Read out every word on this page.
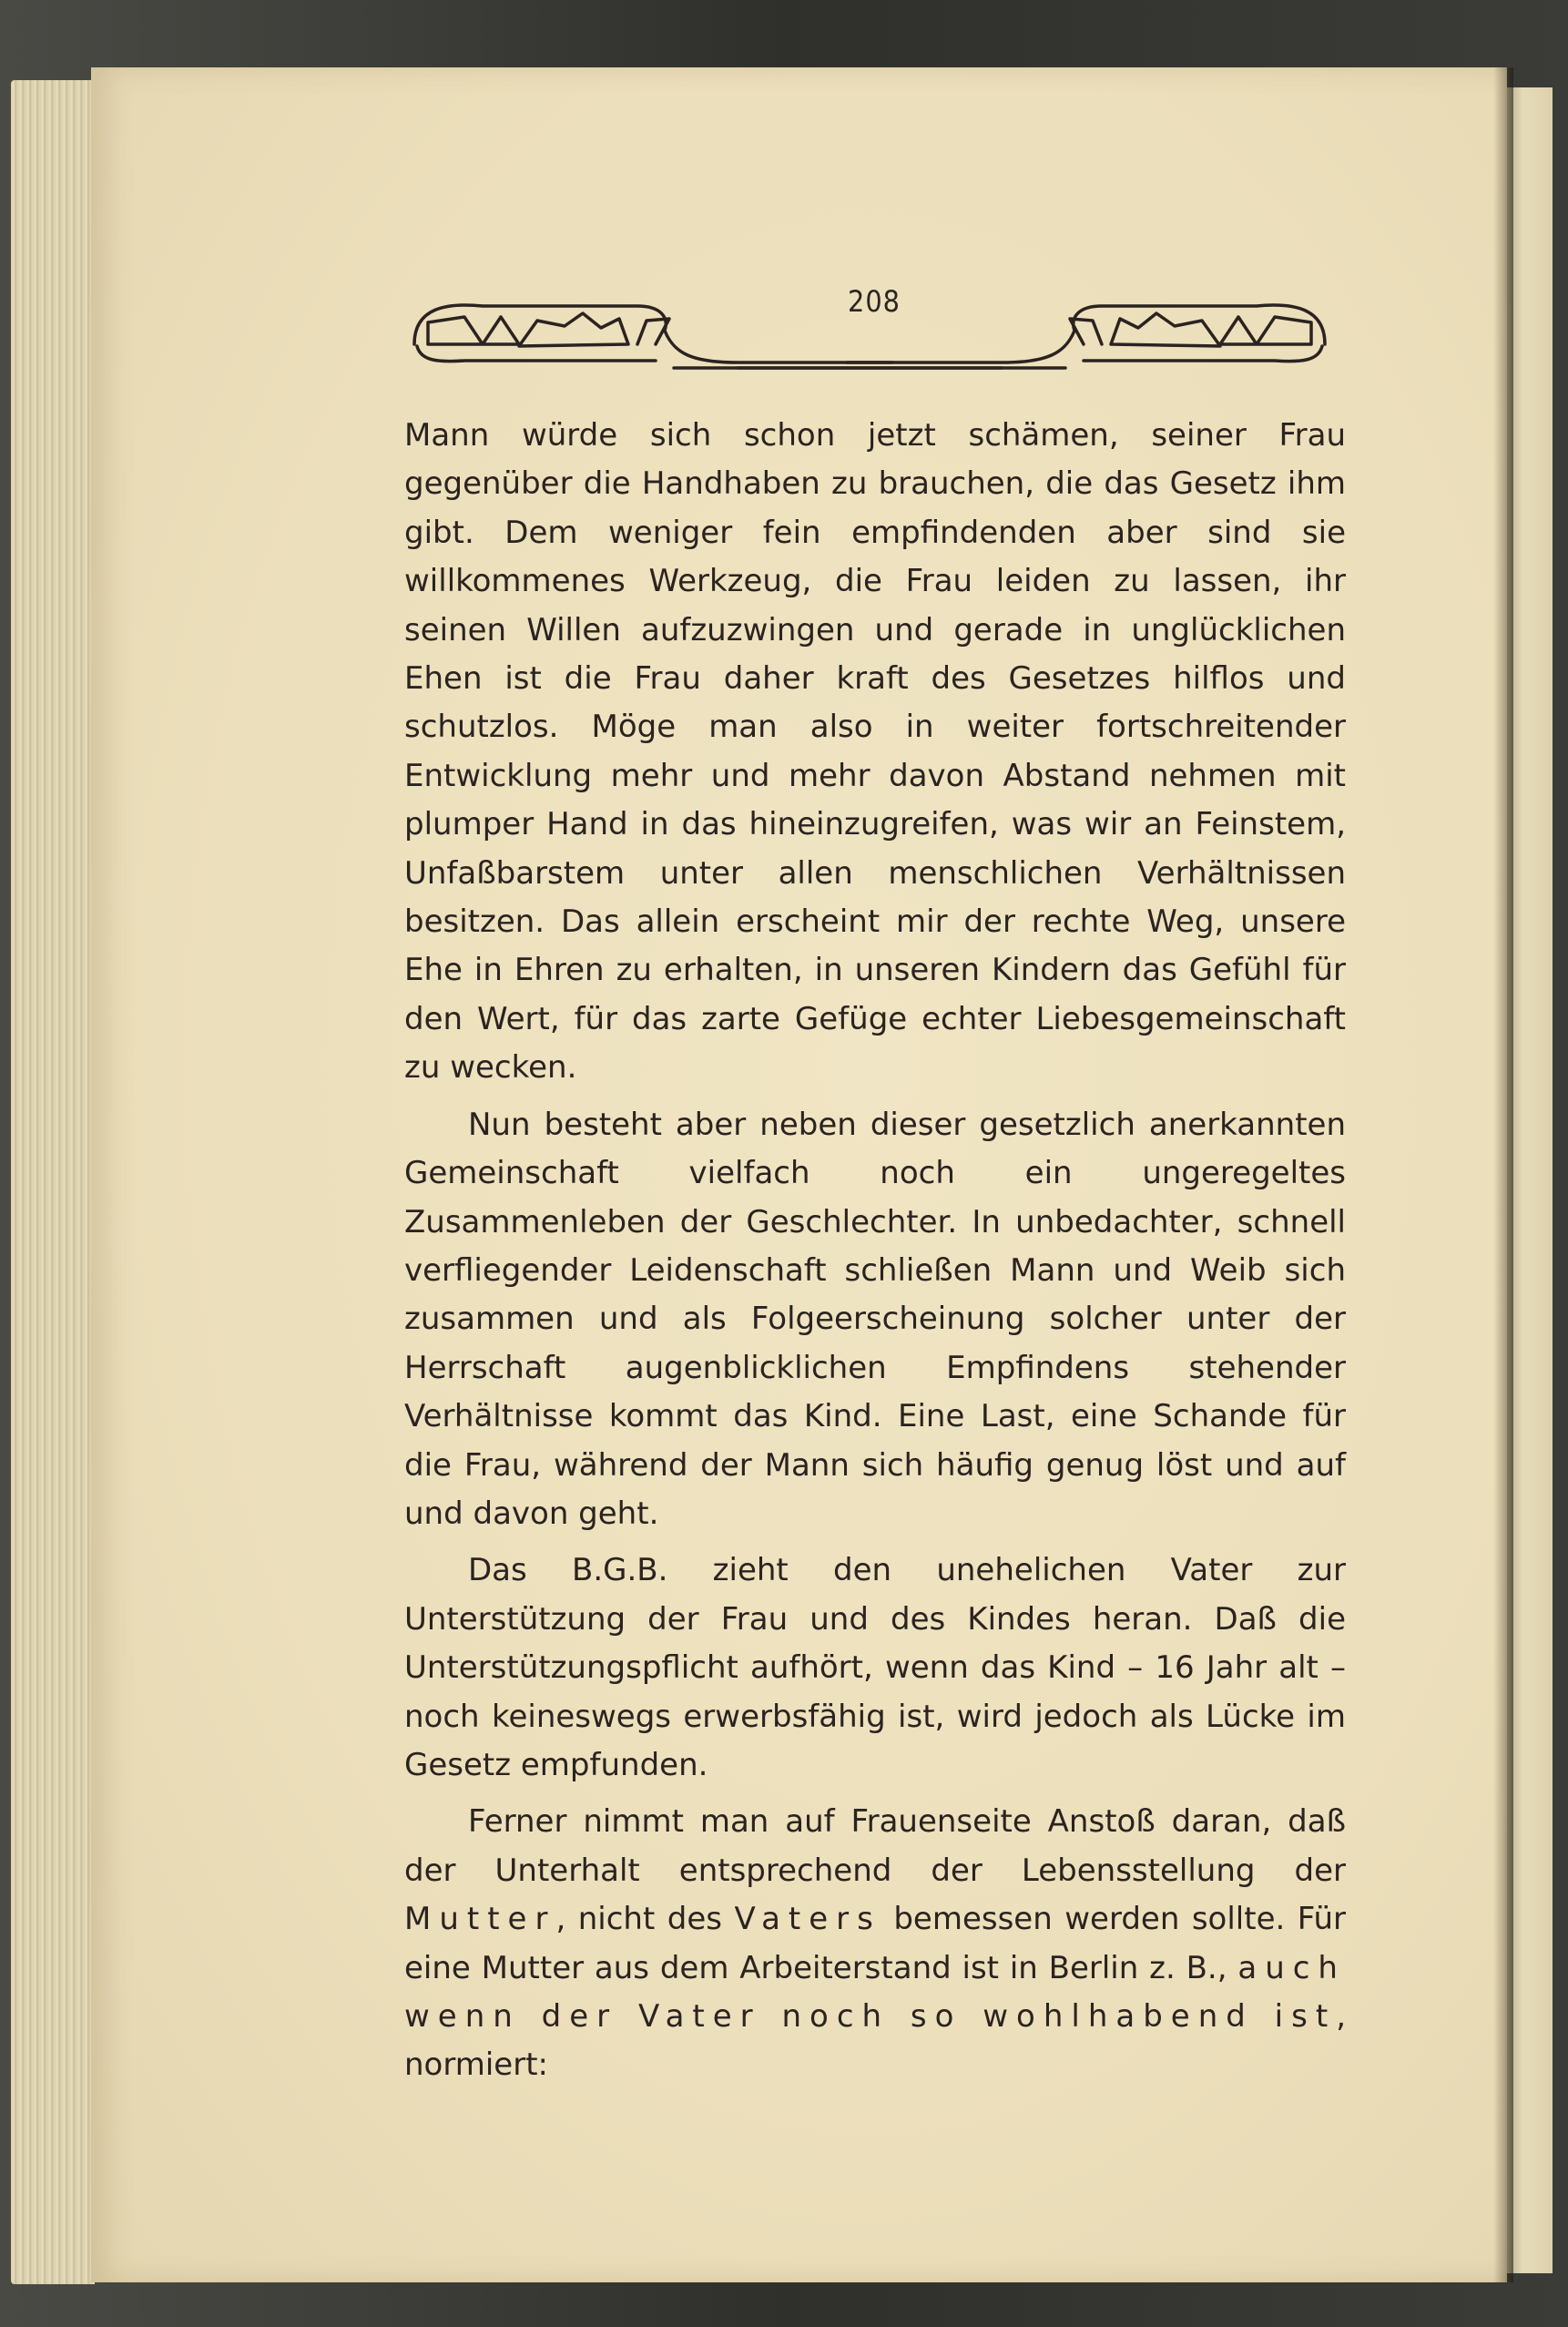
208

Mann würde sich schon jetzt schämen, seiner Frau gegenüber die Handhaben zu brauchen, die das Gesetz ihm gibt. Dem weniger fein empfindenden aber sind sie willkommenes Werkzeug, die Frau leiden zu lassen, ihr seinen Willen aufzuzwingen und gerade in unglücklichen Ehen ist die Frau daher kraft des Gesetzes hilflos und schutzlos. Möge man also in weiter fortschreitender Entwicklung mehr und mehr davon Abstand nehmen mit plumper Hand in das hineinzugreifen, was wir an Feinstem, Unfaßbarstem unter allen menschlichen Verhältnissen besitzen. Das allein erscheint mir der rechte Weg, unsere Ehe in Ehren zu erhalten, in unseren Kindern das Gefühl für den Wert, für das zarte Gefüge echter Liebesgemeinschaft zu wecken.

Nun besteht aber neben dieser gesetzlich anerkannten Gemeinschaft vielfach noch ein ungeregeltes Zusammenleben der Geschlechter. In unbedachter, schnell verfliegender Leidenschaft schließen Mann und Weib sich zusammen und als Folgeerscheinung solcher unter der Herrschaft augenblicklichen Empfindens stehender Verhältnisse kommt das Kind. Eine Last, eine Schande für die Frau, während der Mann sich häufig genug löst und auf und davon geht.

Das B.G.B. zieht den unehelichen Vater zur Unterstützung der Frau und des Kindes heran. Daß die Unterstützungspflicht aufhört, wenn das Kind – 16 Jahr alt – noch keineswegs erwerbsfähig ist, wird jedoch als Lücke im Gesetz empfunden.

Ferner nimmt man auf Frauenseite Anstoß daran, daß der Unterhalt entsprechend der Lebensstellung der Mutter, nicht des Vaters bemessen werden sollte. Für eine Mutter aus dem Arbeiterstand ist in Berlin z. B., auch wenn der Vater noch so wohlhabend ist, normiert:
